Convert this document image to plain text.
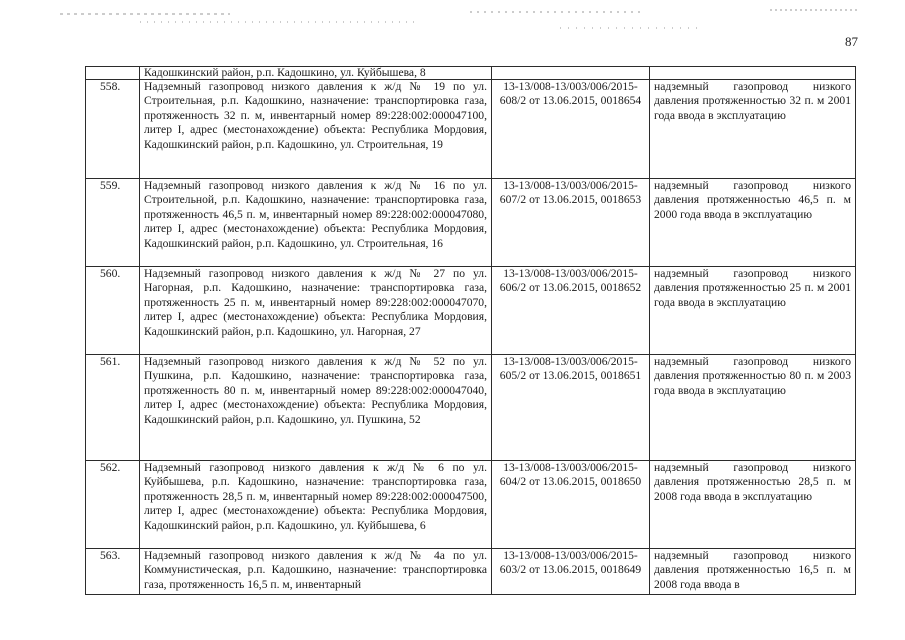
87
	Кадошкинский район, р.п. Кадошкино, ул. Куйбышева, 8		
558.	Надземный газопровод низкого давления к ж/д № 19 по ул. Строительная, р.п. Кадошкино, назначение: транспортировка газа, протяженность 32 п. м, инвентарный номер 89:228:002:000047100, литер I, адрес (местонахождение) объекта: Республика Мордовия, Кадошкинский район, р.п. Кадошкино, ул. Строительная, 19	13-13/008-13/003/006/2015-608/2 от 13.06.2015, 0018654	надземный газопровод низкого давления протяженностью 32 п. м 2001 года ввода в эксплуатацию
559.	Надземный газопровод низкого давления к ж/д № 16 по ул. Строительной, р.п. Кадошкино, назначение: транспортировка газа, протяженность 46,5 п. м, инвентарный номер 89:228:002:000047080, литер I, адрес (местонахождение) объекта: Республика Мордовия, Кадошкинский район, р.п. Кадошкино, ул. Строительная, 16	13-13/008-13/003/006/2015-607/2 от 13.06.2015, 0018653	надземный газопровод низкого давления протяженностью 46,5 п. м 2000 года ввода в эксплуатацию
560.	Надземный газопровод низкого давления к ж/д № 27 по ул. Нагорная, р.п. Кадошкино, назначение: транспортировка газа, протяженность 25 п. м, инвентарный номер 89:228:002:000047070, литер I, адрес (местонахождение) объекта: Республика Мордовия, Кадошкинский район, р.п. Кадошкино, ул. Нагорная, 27	13-13/008-13/003/006/2015-606/2 от 13.06.2015, 0018652	надземный газопровод низкого давления протяженностью 25 п. м 2001 года ввода в эксплуатацию
561.	Надземный газопровод низкого давления к ж/д № 52 по ул. Пушкина, р.п. Кадошкино, назначение: транспортировка газа, протяженность 80 п. м, инвентарный номер 89:228:002:000047040, литер I, адрес (местонахождение) объекта: Республика Мордовия, Кадошкинский район, р.п. Кадошкино, ул. Пушкина, 52	13-13/008-13/003/006/2015-605/2 от 13.06.2015, 0018651	надземный газопровод низкого давления протяженностью 80 п. м 2003 года ввода в эксплуатацию
562.	Надземный газопровод низкого давления к ж/д № 6 по ул. Куйбышева, р.п. Кадошкино, назначение: транспортировка газа, протяженность 28,5 п. м, инвентарный номер 89:228:002:000047500, литер I, адрес (местонахождение) объекта: Республика Мордовия, Кадошкинский район, р.п. Кадошкино, ул. Куйбышева, 6	13-13/008-13/003/006/2015-604/2 от 13.06.2015, 0018650	надземный газопровод низкого давления протяженностью 28,5 п. м 2008 года ввода в эксплуатацию
563.	Надземный газопровод низкого давления к ж/д № 4а по ул. Коммунистическая, р.п. Кадошкино, назначение: транспортировка газа, протяженность 16,5 п. м, инвентарный	13-13/008-13/003/006/2015-603/2 от 13.06.2015, 0018649	надземный газопровод низкого давления протяженностью 16,5 п. м 2008 года ввода в
